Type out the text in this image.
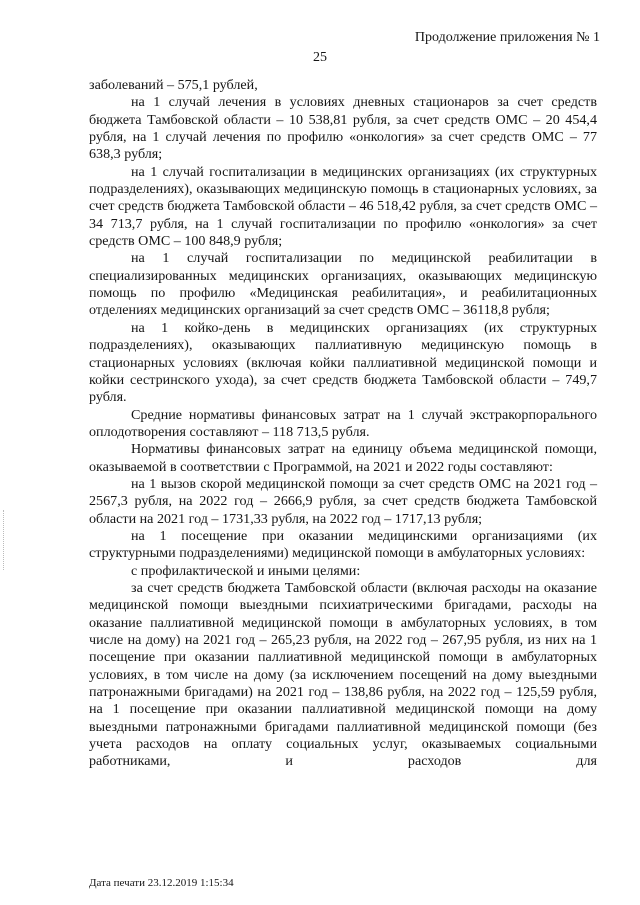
Продолжение приложения № 1
25

заболеваний – 575,1 рублей,

на 1 случай лечения в условиях дневных стационаров за счет средств бюджета Тамбовской области – 10 538,81 рубля, за счет средств ОМС – 20 454,4 рубля, на 1 случай лечения по профилю «онкология» за счет средств ОМС – 77 638,3 рубля;

на 1 случай госпитализации в медицинских организациях (их структурных подразделениях), оказывающих медицинскую помощь в стационарных условиях, за счет средств бюджета Тамбовской области – 46 518,42 рубля, за счет средств ОМС – 34 713,7 рубля, на 1 случай госпитализации по профилю «онкология» за счет средств ОМС – 100 848,9 рубля;

на 1 случай госпитализации по медицинской реабилитации в специализированных медицинских организациях, оказывающих медицинскую помощь по профилю «Медицинская реабилитация», и реабилитационных отделениях медицинских организаций за счет средств ОМС – 36118,8 рубля;

на 1 койко-день в медицинских организациях (их структурных подразделениях), оказывающих паллиативную медицинскую помощь в стационарных условиях (включая койки паллиативной медицинской помощи и койки сестринского ухода), за счет средств бюджета Тамбовской области – 749,7 рубля.

Средние нормативы финансовых затрат на 1 случай экстракорпорального оплодотворения составляют – 118 713,5 рубля.

Нормативы финансовых затрат на единицу объема медицинской помощи, оказываемой в соответствии с Программой, на 2021 и 2022 годы составляют:

на 1 вызов скорой медицинской помощи за счет средств ОМС на 2021 год – 2567,3 рубля, на 2022 год – 2666,9 рубля, за счет средств бюджета Тамбовской области на 2021 год – 1731,33 рубля, на 2022 год – 1717,13 рубля;

на 1 посещение при оказании медицинскими организациями (их структурными подразделениями) медицинской помощи в амбулаторных условиях:

с профилактической и иными целями:

за счет средств бюджета Тамбовской области (включая расходы на оказание медицинской помощи выездными психиатрическими бригадами, расходы на оказание паллиативной медицинской помощи в амбулаторных условиях, в том числе на дому) на 2021 год – 265,23 рубля, на 2022 год – 267,95 рубля, из них на 1 посещение при оказании паллиативной медицинской помощи в амбулаторных условиях, в том числе на дому (за исключением посещений на дому выездными патронажными бригадами) на 2021 год – 138,86 рубля, на 2022 год – 125,59 рубля, на 1 посещение при оказании паллиативной медицинской помощи на дому выездными патронажными бригадами паллиативной медицинской помощи (без учета расходов на оплату социальных услуг, оказываемых социальными работниками, и расходов для

Дата печати 23.12.2019 1:15:34
